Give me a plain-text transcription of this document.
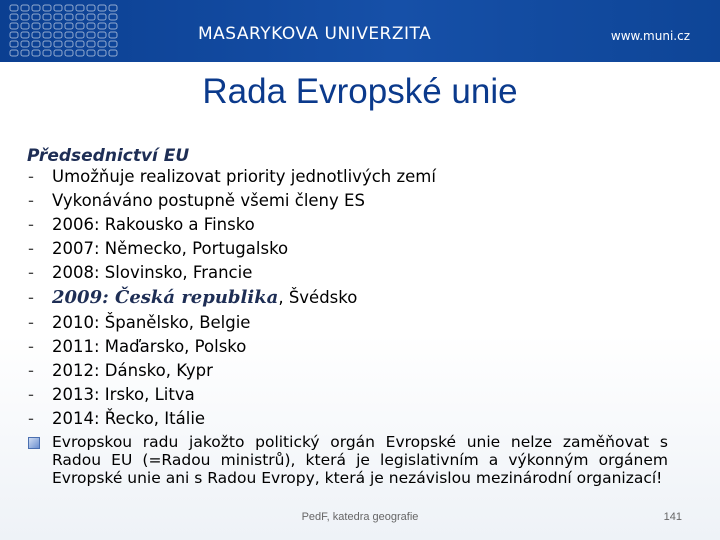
MASARYKOVA UNIVERZITA	www.muni.cz
Rada Evropské unie
Předsednictví EU
- Umožňuje realizovat priority jednotlivých zemí
- Vykonáváno postupně všemi členy ES
- 2006: Rakousko a Finsko
- 2007: Německo, Portugalsko
- 2008: Slovinsko, Francie
- 2009: Česká republika, Švédsko
- 2010: Španělsko, Belgie
- 2011: Maďarsko, Polsko
- 2012: Dánsko, Kypr
- 2013: Irsko, Litva
- 2014: Řecko, Itálie
Evropskou radu jakožto politický orgán Evropské unie nelze zaměňovat s Radou EU (=Radou ministrů), která je legislativním a výkonným orgánem Evropské unie ani s Radou Evropy, která je nezávislou mezinárodní organizací!
PedF, katedra geografie	141
